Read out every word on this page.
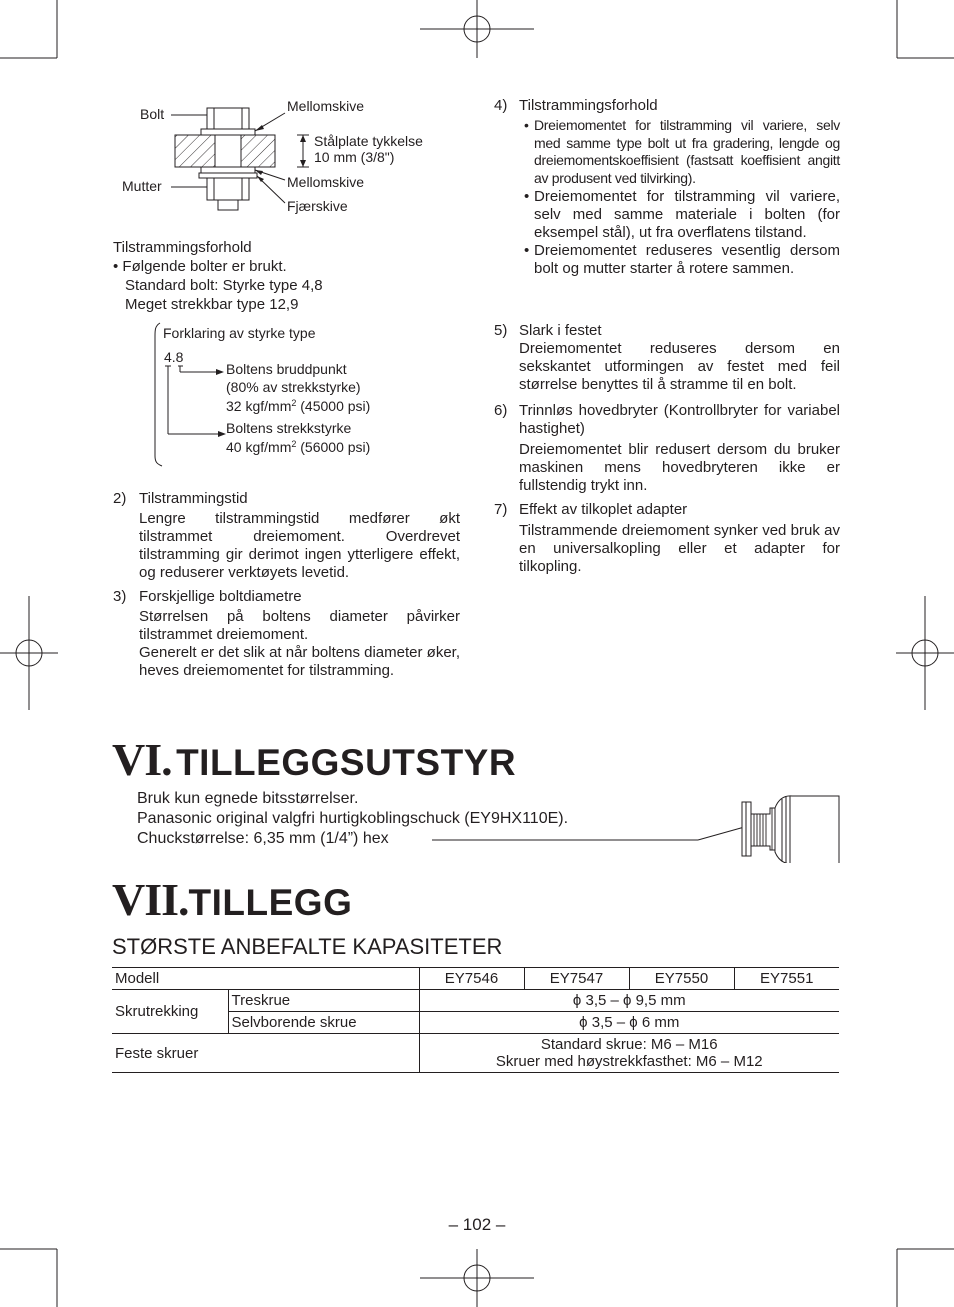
Bolt	Mellomskive
Stålplate tykkelse
10 mm (3/8")
Mutter	Mellomskive
Fjærskive
Tilstrammingsforhold
• Følgende bolter er brukt.
Standard bolt: Styrke type 4,8
Meget strekkbar type 12,9
Forklaring av styrke type
4.8
Boltens bruddpunkt
(80% av strekkstyrke)
32 kgf/$mm^2$ (45000 psi)
Boltens strekkstyrke
40 kgf/$mm^2$ (56000 psi)
2) Tilstrammingstid
Lengre tilstrammingstid medfører økt tilstrammet dreiemoment. Overdrevet tilstramming gir derimot ingen ytterligere effekt, og reduserer verktøyets levetid.
3) Forskjellige boltdiametre
Størrelsen på boltens diameter påvirker tilstrammet dreiemoment.
Generelt er det slik at når boltens diameter øker, heves dreiemomentet for tilstramming.
4) Tilstrammingsforhold
• Dreiemomentet for tilstramming vil variere, selv med samme type bolt ut fra gradering, lengde og dreiemomentskoeffisient (fastsatt koeffisient angitt av produsent ved tilvirking).
• Dreiemomentet for tilstramming vil variere, selv med samme materiale i bolten (for eksempel stål), ut fra overflatens tilstand.
• Dreiemomentet reduseres vesentlig dersom bolt og mutter starter å rotere sammen.
5) Slark i festet
Dreiemomentet reduseres dersom en sekskantet utformingen av festet med feil størrelse benyttes til å stramme til en bolt.
6) Trinnløs hovedbryter (Kontrollbryter for variabel hastighet)
Dreiemomentet blir redusert dersom du bruker maskinen mens hovedbryteren ikke er fullstendig trykt inn.
7) Effekt av tilkoplet adapter
Tilstrammende dreiemoment synker ved bruk av en universalkopling eller et adapter for tilkopling.
VI. TILLEGGSUTSTYR
Bruk kun egnede bitsstørrelser.
Panasonic original valgfri hurtigkoblingschuck (EY9HX110E).
Chuckstørrelse: 6,35 mm (1/4”) hex
VII.TILLEGG
STØRSTE ANBEFALTE KAPASITETER
Modell		EY7546	EY7547	EY7550	EY7551
Skrutrekking	Treskrue	ϕ 3,5 – ϕ 9,5 mm			
	Selvborende skrue	ϕ 3,5 – ϕ 6 mm			
Feste skruer		Standard skrue: M6 – M16
Skruer med høystrekkfasthet: M6 – M12			
– 102 –
